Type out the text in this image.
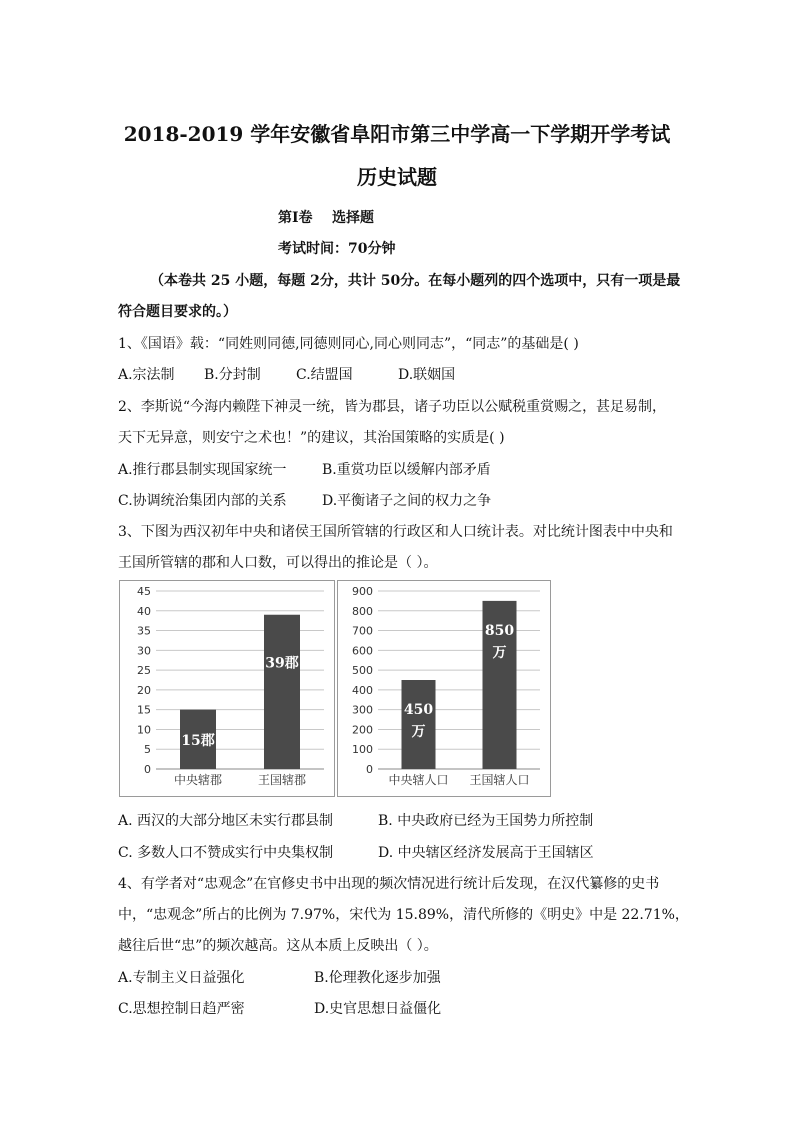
2018-2019 学年安徽省阜阳市第三中学高一下学期开学考试
历史试题
第Ⅰ卷    选择题
考试时间：70分钟
（本卷共 25 小题，每题 2分，共计 50分。在每小题列的四个选项中，只有一项是最
符合题目要求的。）
1、《国语》载：“同姓则同德,同德则同心,同心则同志”，“同志”的基础是( )
A.宗法制 B.分封制	C.结盟国	D.联姻国
2、李斯说“今海内赖陛下神灵一统，皆为郡县，诸子功臣以公赋税重赏赐之，甚足易制，
天下无异意，则安宁之术也！”的建议，其治国策略的实质是( )
A.推行郡县制实现国家统一	B.重赏功臣以缓解内部矛盾
C.协调统治集团内部的关系	D.平衡诸子之间的权力之争
3、下图为西汉初年中央和诸侯王国所管辖的行政区和人口统计表。对比统计图表中中央和
王国所管辖的郡和人口数，可以得出的推论是（ ）。
0
5
10
15
20
25
30
35
40
45
15郡
中央辖郡
39郡
王国辖郡
0
100
200
300
400
500
600
700
800
900
450
万
中央辖人口
850
万
王国辖人口
A. 西汉的大部分地区未实行郡县制	B. 中央政府已经为王国势力所控制
C. 多数人口不赞成实行中央集权制	D. 中央辖区经济发展高于王国辖区
4、有学者对“忠观念”在官修史书中出现的频次情况进行统计后发现，在汉代纂修的史书
中，“忠观念”所占的比例为 7.97%，宋代为 15.89%，清代所修的《明史》中是 22.71%，
越往后世“忠”的频次越高。这从本质上反映出（ ）。
A.专制主义日益强化	B.伦理教化逐步加强
C.思想控制日趋严密	D.史官思想日益僵化
